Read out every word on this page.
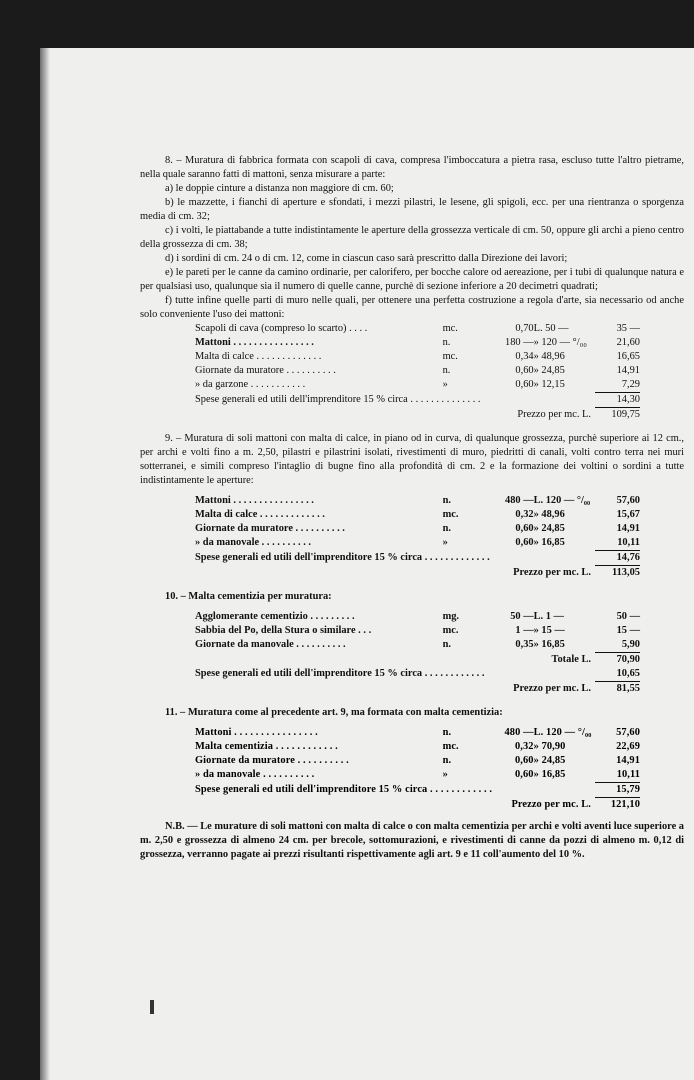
8. – Muratura di fabbrica formata con scapoli di cava, compresa l'imboccatura a pietra rasa, escluso tutte l'altro pietrame, nella quale saranno fatti di mattoni, senza misurare a parte:

a) le doppie cinture a distanza non maggiore di cm. 60;

b) le mazzette, i fianchi di aperture e sfondati, i mezzi pilastri, le lesene, gli spigoli, ecc. per una rientranza o sporgenza media di cm. 32;

c) i volti, le piattabande a tutte indistintamente le aperture della grossezza verticale di cm. 50, oppure gli archi a pieno centro della grossezza di cm. 38;

d) i sordini di cm. 24 o di cm. 12, come in ciascun caso sarà prescritto dalla Direzione dei lavori;

e) le pareti per le canne da camino ordinarie, per calorifero, per bocche calore od aereazione, per i tubi di qualunque natura e per qualsiasi uso, qualunque sia il numero di quelle canne, purchè di sezione inferiore a 20 decimetri quadrati;

f) tutte infine quelle parti di muro nelle quali, per ottenere una perfetta costruzione a regola d'arte, sia necessario od anche solo conveniente l'uso dei mattoni:

Scapoli di cava (compreso lo scarto) . . . .	mc.	0,70	L. 50 —	35 —
Mattoni . . . . . . . . . . . . . . . .	n.	180 —	» 120 — °/₀₀	21,60
Malta di calce . . . . . . . . . . . . .	mc.	0,34	» 48,96	16,65
Giornate da muratore . . . . . . . . . .	n.	0,60	» 24,85	14,91
» da garzone . . . . . . . . . . .	»	0,60	» 12,15	7,29
Spese generali ed utili dell'imprenditore 15 % circa . . . . . . . . . . . . . .				14,30
Prezzo per mc. L.				109,75

9. – Muratura di soli mattoni con malta di calce, in piano od in curva, di qualunque grossezza, purchè superiore ai 12 cm., per archi e volti fino a m. 2,50, pilastri e pilastrini isolati, rivestimenti di muro, piedritti di canali, volti contro terra nei muri sotterranei, e simili compreso l'intaglio di bugne fino alla profondità di cm. 2 e la formazione dei voltini o sordini a tutte indistintamente le aperture:

Mattoni . . . . . . . . . . . . . . . .	n.	480 —	L. 120 — °/₀₀	57,60
Malta di calce . . . . . . . . . . . . .	mc.	0,32	» 48,96	15,67
Giornate da muratore . . . . . . . . . .	n.	0,60	» 24,85	14,91
» da manovale . . . . . . . . . .	»	0,60	» 16,85	10,11
Spese generali ed utili dell'imprenditore 15 % circa . . . . . . . . . . . . .				14,76
Prezzo per mc. L.				113,05

10. – Malta cementizia per muratura:

Agglomerante cementizio . . . . . . . . .	mg.	50 —	L. 1 —	50 —
Sabbia del Po, della Stura o similare . . .	mc.	1 —	» 15 —	15 —
Giornate da manovale . . . . . . . . . .	n.	0,35	» 16,85	5,90
Totale L.				70,90
Spese generali ed utili dell'imprenditore 15 % circa . . . . . . . . . . . .				10,65
Prezzo per mc. L.				81,55

11. – Muratura come al precedente art. 9, ma formata con malta cementizia:

Mattoni . . . . . . . . . . . . . . . .	n.	480 —	L. 120 — °/₀₀	57,60
Malta cementizia . . . . . . . . . . . .	mc.	0,32	» 70,90	22,69
Giornate da muratore . . . . . . . . . .	n.	0,60	» 24,85	14,91
» da manovale . . . . . . . . . .	»	0,60	» 16,85	10,11
Spese generali ed utili dell'imprenditore 15 % circa . . . . . . . . . . . .				15,79
Prezzo per mc. L.				121,10

N.B. — Le murature di soli mattoni con malta di calce o con malta cementizia per archi e volti aventi luce superiore a m. 2,50 e grossezza di almeno 24 cm. per brecole, sottomurazioni, e rivestimenti di canne da pozzi di almeno m. 0,12 di grossezza, verranno pagate ai prezzi risultanti rispettivamente agli art. 9 e 11 coll'aumento del 10 %.
